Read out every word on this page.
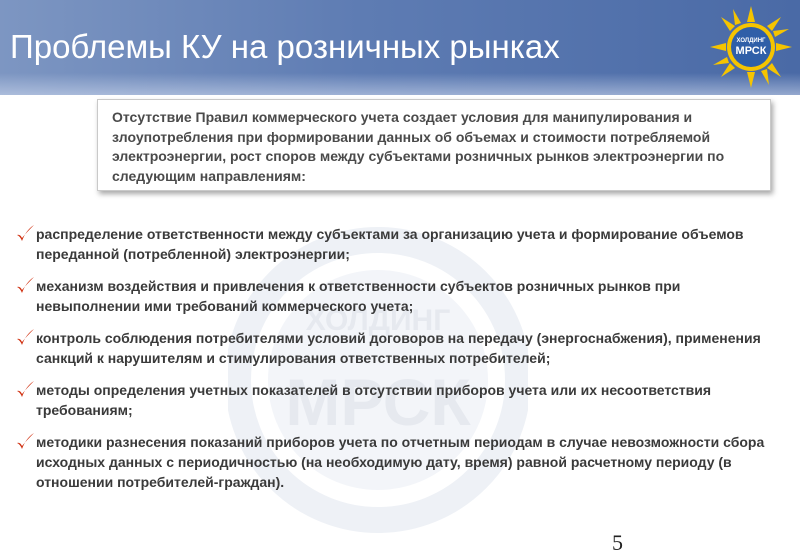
Проблемы КУ на розничных рынках	ХОЛДИНГ
МРСК
ХОЛДИНГ
МРСК
Отсутствие Правил коммерческого учета создает условия для манипулирования и злоупотребления при формировании данных об объемах и стоимости потребляемой электроэнергии, рост споров между субъектами розничных рынков электроэнергии по следующим направлениям:
распределение ответственности между субъектами за организацию учета и формирование объемов переданной (потребленной) электроэнергии;
механизм воздействия и привлечения к ответственности субъектов розничных рынков при невыполнении ими требований коммерческого учета;
контроль соблюдения потребителями условий договоров на передачу (энергоснабжения), применения санкций к нарушителям и стимулирования ответственных потребителей;
методы определения учетных показателей в отсутствии приборов учета или их несоответствия требованиям;
методики разнесения показаний приборов учета по отчетным периодам в случае невозможности сбора исходных данных с периодичностью (на необходимую дату, время) равной расчетному периоду (в отношении потребителей-граждан).
5
